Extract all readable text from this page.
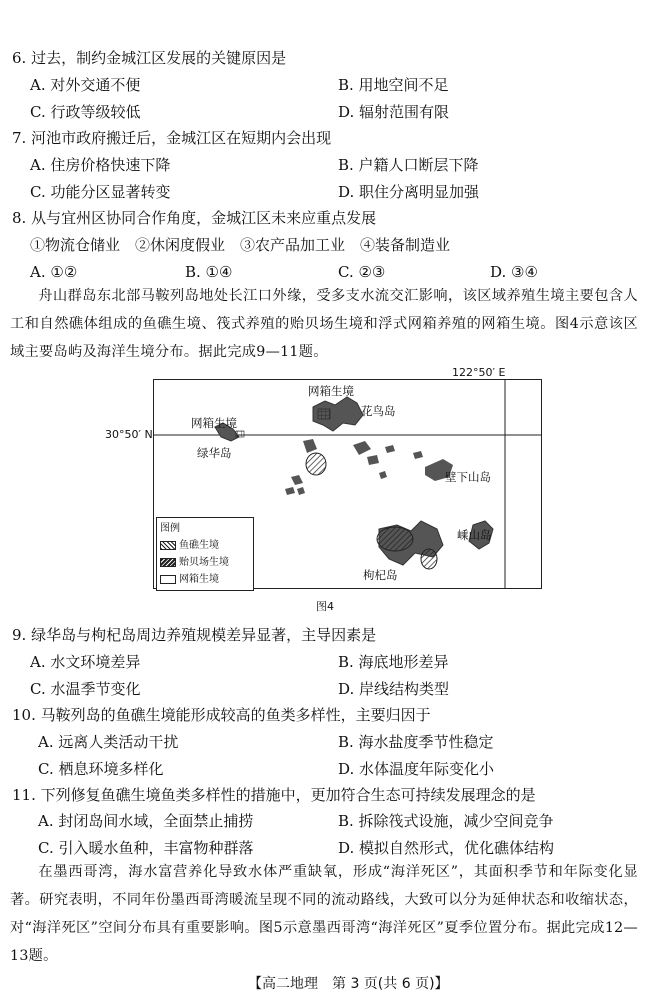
6. 过去，制约金城江区发展的关键原因是
A. 对外交通不便	B. 用地空间不足
C. 行政等级较低	D. 辐射范围有限
7. 河池市政府搬迁后，金城江区在短期内会出现
A. 住房价格快速下降	B. 户籍人口断层下降
C. 功能分区显著转变	D. 职住分离明显加强
8. 从与宜州区协同合作角度，金城江区未来应重点发展
①物流仓储业　②休闲度假业　③农产品加工业　④装备制造业
A. ①②	B. ①④	C. ②③	D. ③④
舟山群岛东北部马鞍列岛地处长江口外缘，受多支水流交汇影响，该区域养殖生境主要包含人工和自然礁体组成的鱼礁生境、筏式养殖的贻贝场生境和浮式网箱养殖的网箱生境。图4示意该区域主要岛屿及海洋生境分布。据此完成9—11题。
122°50′ E
30°50′ N
网箱生境
花鸟岛
网箱生境
绿华岛
壁下山岛
嵊山岛
枸杞岛
图例
鱼礁生境
贻贝场生境
网箱生境
图4
9. 绿华岛与枸杞岛周边养殖规模差异显著，主导因素是
A. 水文环境差异	B. 海底地形差异
C. 水温季节变化	D. 岸线结构类型
10. 马鞍列岛的鱼礁生境能形成较高的鱼类多样性，主要归因于
A. 远离人类活动干扰	B. 海水盐度季节性稳定
C. 栖息环境多样化	D. 水体温度年际变化小
11. 下列修复鱼礁生境鱼类多样性的措施中，更加符合生态可持续发展理念的是
A. 封闭岛间水域，全面禁止捕捞	B. 拆除筏式设施，减少空间竞争
C. 引入暖水鱼种，丰富物种群落	D. 模拟自然形式，优化礁体结构
在墨西哥湾，海水富营养化导致水体严重缺氧，形成“海洋死区”，其面积季节和年际变化显著。研究表明，不同年份墨西哥湾暖流呈现不同的流动路线，大致可以分为延伸状态和收缩状态，对“海洋死区”空间分布具有重要影响。图5示意墨西哥湾“海洋死区”夏季位置分布。据此完成12—13题。
【高二地理　第 3 页(共 6 页)】
